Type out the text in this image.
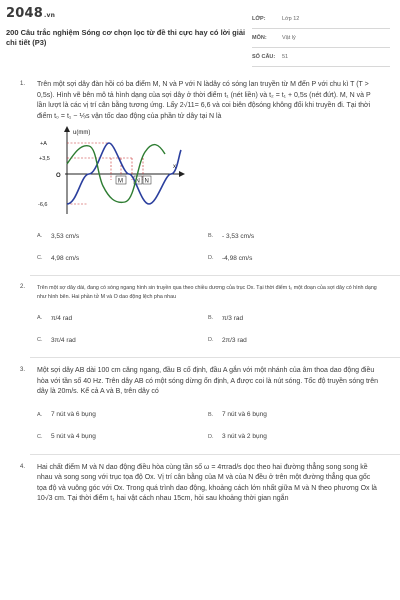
2048.vn
200 Câu trắc nghiệm Sóng cơ chọn lọc từ đề thi cực hay có lời giải chi tiết (P3)
LỚP:	Lớp 12
MÔN:	Vật lý
SỐ CÂU:	51
1. Trên một sợi dây đàn hồi có ba điểm M, N và P với N làdây có sóng lan truyền từ M đến P với chu kì T (T > 0,5s). Hình vẽ bên mô tả hình dạng của sợi dây ở thời điểm t₁ (nét liền) và t₂ = t₁ + 0,5s (nét đứt). M, N và P lần lượt là các vị trí cân bằng tương ứng. Lấy 2√11= 6,6 và coi biên độsóng không đổi khi truyền đi. Tại thời điểm t₀ = t₁ − ⅑s vận tốc dao động của phần tử dây tại N là
u(mm)
x
+A
+3,5
O
-6,6
M N N
A.	3,53 cm/s	B.	- 3,53 cm/s
C.	4,98 cm/s	D.	-4,98 cm/s
2. Trên một sợ dây dài, đang có sóng ngang hình sin truyền qua theo chiều dương của trục Ox. Tại thời điểm t₀ một đoạn của sợi dây có hình dạng như hình bên. Hai phần tử M và O dao động lệch pha nhau
A.	π/4 rad	B.	π/3 rad
C.	3π/4 rad	D.	2π/3 rad
3. Một sợi dây AB dài 100 cm căng ngang, đầu B cố định, đầu A gắn với một nhánh của âm thoa dao động điều hòa với tần số 40 Hz. Trên dây AB có một sóng dừng ổn định, A được coi là nút sóng. Tốc độ truyền sóng trên dây là 20m/s. Kể cả A và B, trên dây có
A.	7 nút và 6 bụng	B.	7 nút và 6 bụng
C.	5 nút và 4 bụng	D.	3 nút và 2 bụng
4. Hai chất điểm M và N dao động điều hòa cùng tần số ω = 4πrad/s dọc theo hai đường thẳng song song kề nhau và song song với trục tọa độ Ox. Vị trí cân bằng của M và của N đều ở trên một đường thẳng qua gốc tọa độ và vuông góc với Ox. Trong quá trình dao động, khoảng cách lớn nhất giữa M và N theo phương Ox là 10√3 cm. Tại thời điểm t₁ hai vật cách nhau 15cm, hỏi sau khoảng thời gian ngắn
